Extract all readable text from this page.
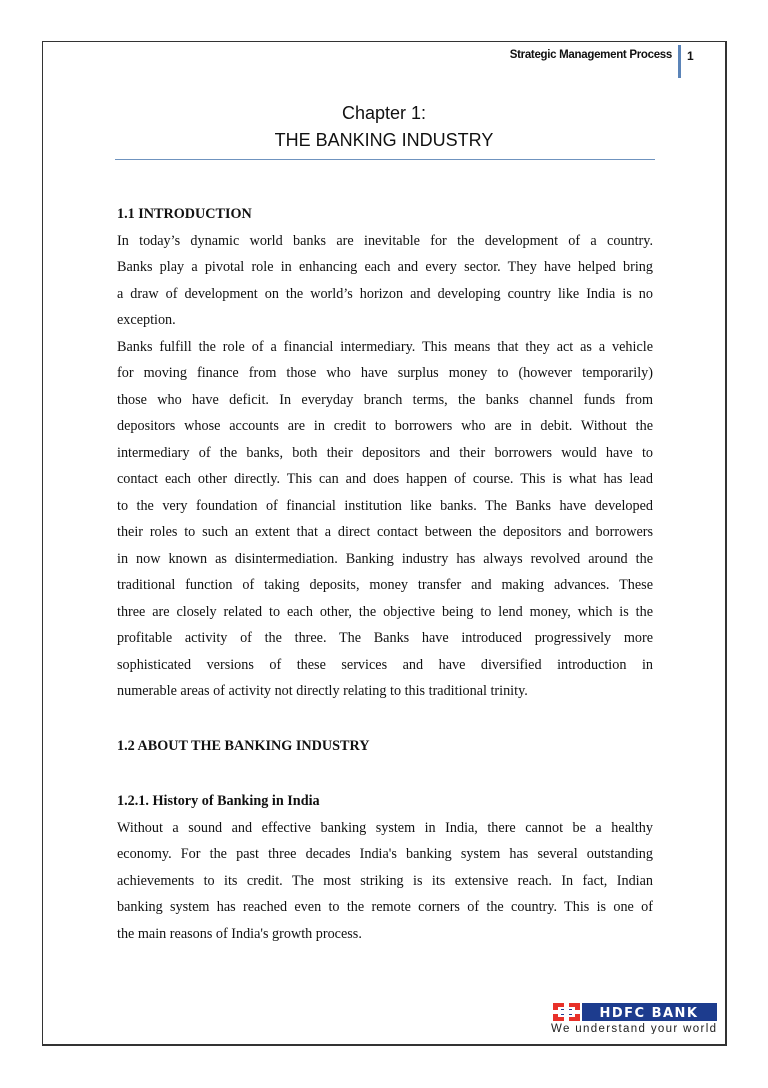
Strategic Management Process 1
Chapter 1:
THE BANKING INDUSTRY
1.1 INTRODUCTION
In today’s dynamic world banks are inevitable for the development of a country.
Banks play a pivotal role in enhancing each and every sector. They have helped bring
a draw of development on the world’s horizon and developing country like India is no
exception.
Banks fulfill the role of a financial intermediary. This means that they act as a vehicle
for moving finance from those who have surplus money to (however temporarily)
those who have deficit. In everyday branch terms, the banks channel funds from
depositors whose accounts are in credit to borrowers who are in debit. Without the
intermediary of the banks, both their depositors and their borrowers would have to
contact each other directly. This can and does happen of course. This is what has lead
to the very foundation of financial institution like banks. The Banks have developed
their roles to such an extent that a direct contact between the depositors and borrowers
in now known as disintermediation. Banking industry has always revolved around the
traditional function of taking deposits, money transfer and making advances. These
three are closely related to each other, the objective being to lend money, which is the
profitable activity of the three. The Banks have introduced progressively more
sophisticated versions of these services and have diversified introduction in
numerable areas of activity not directly relating to this traditional trinity.
1.2 ABOUT THE BANKING INDUSTRY
1.2.1. History of Banking in India
Without a sound and effective banking system in India, there cannot be a healthy
economy. For the past three decades India's banking system has several outstanding
achievements to its credit. The most striking is its extensive reach. In fact, Indian
banking system has reached even to the remote corners of the country. This is one of
the main reasons of India's growth process.
HDFC BANK
We understand your world
